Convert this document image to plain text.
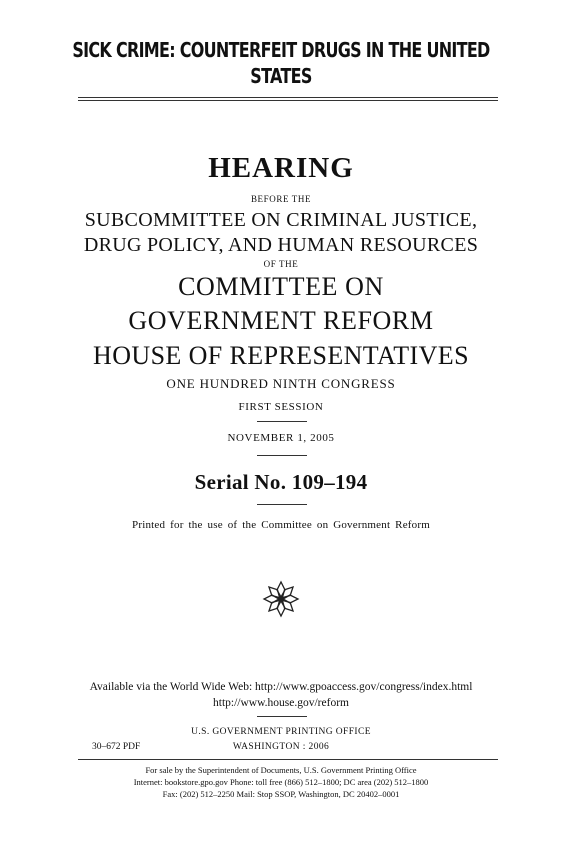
SICK CRIME: COUNTERFEIT DRUGS IN THE UNITED
STATES
HEARING
BEFORE THE
SUBCOMMITTEE ON CRIMINAL JUSTICE,
DRUG POLICY, AND HUMAN RESOURCES
OF THE
COMMITTEE ON
GOVERNMENT REFORM
HOUSE OF REPRESENTATIVES
ONE HUNDRED NINTH CONGRESS
FIRST SESSION
NOVEMBER 1, 2005
Serial No. 109–194
Printed for the use of the Committee on Government Reform
Available via the World Wide Web: http://www.gpoaccess.gov/congress/index.html
http://www.house.gov/reform
U.S. GOVERNMENT PRINTING OFFICE
30–672 PDF	WASHINGTON : 2006
For sale by the Superintendent of Documents, U.S. Government Printing Office
Internet: bookstore.gpo.gov Phone: toll free (866) 512–1800; DC area (202) 512–1800
Fax: (202) 512–2250 Mail: Stop SSOP, Washington, DC 20402–0001
